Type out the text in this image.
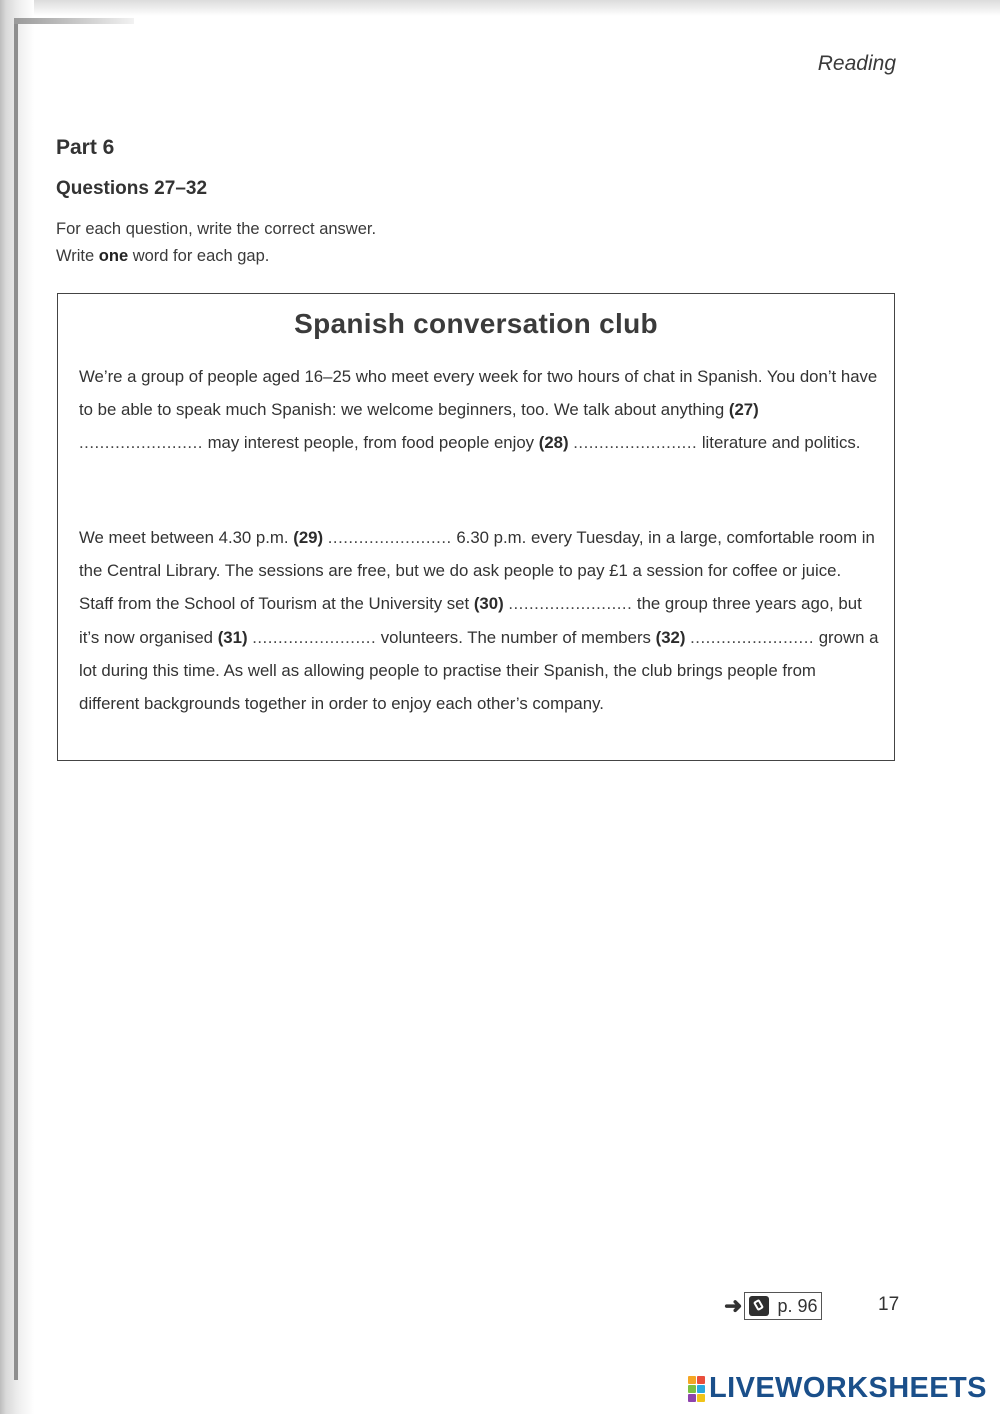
Reading
Part 6
Questions 27–32
For each question, write the correct answer.
Write one word for each gap.
Spanish conversation club
We’re a group of people aged 16–25 who meet every week for two hours of chat in Spanish. You don’t have to be able to speak much Spanish: we welcome beginners, too. We talk about anything (27) ........................ may interest people, from food people enjoy (28) ........................ literature and politics.
We meet between 4.30 p.m. (29) ........................ 6.30 p.m. every Tuesday, in a large, comfortable room in the Central Library. The sessions are free, but we do ask people to pay £1 a session for coffee or juice. Staff from the School of Tourism at the University set (30) ........................ the group three years ago, but it’s now organised (31) ........................ volunteers. The number of members (32) ........................ grown a lot during this time. As well as allowing people to practise their Spanish, the club brings people from different backgrounds together in order to enjoy each other’s company.
➜ p. 96	17
LIVEWORKSHEETS
